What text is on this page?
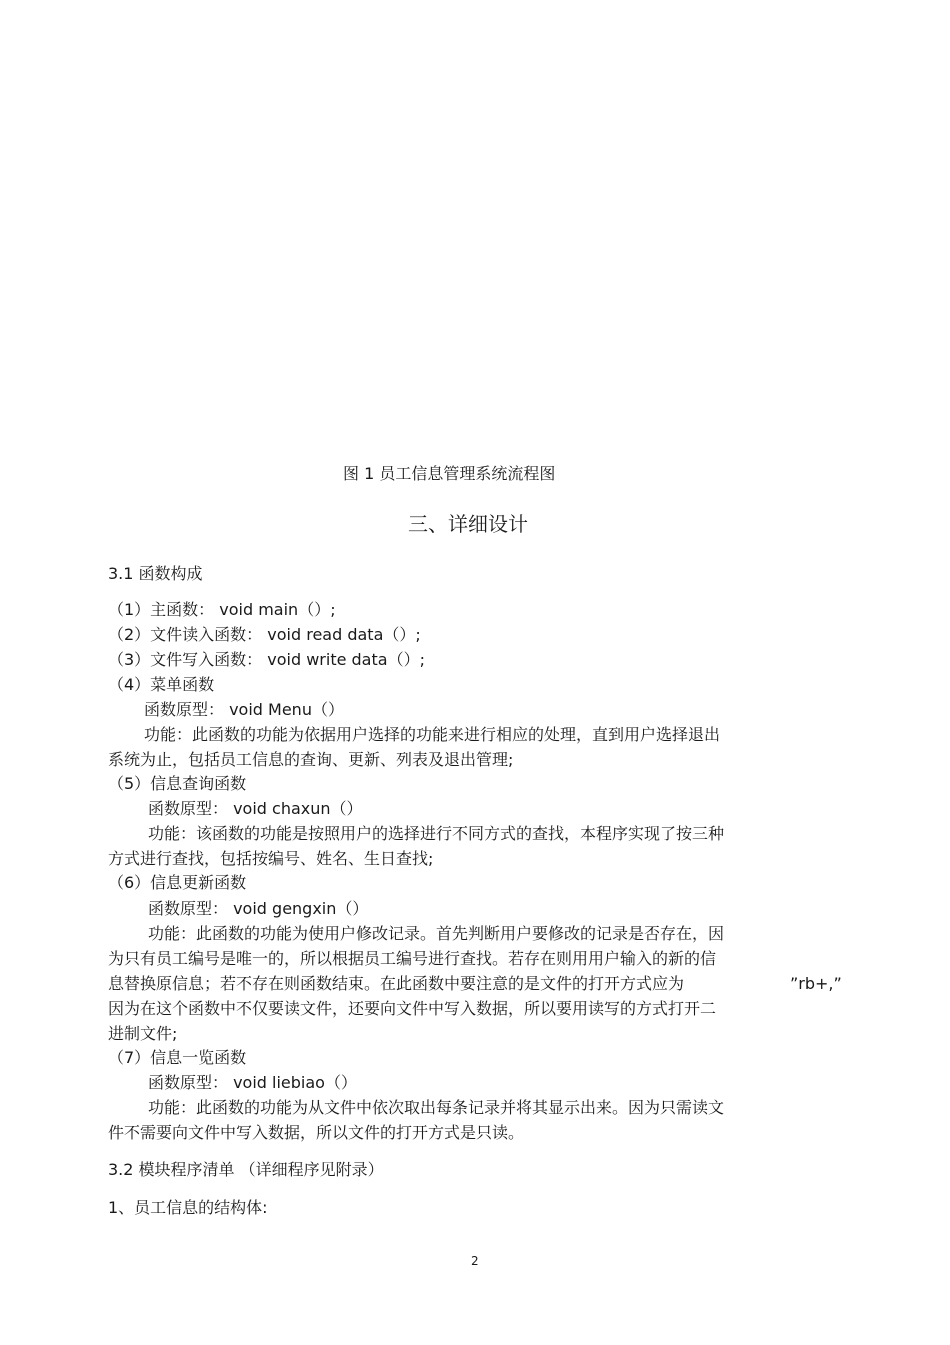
图 1 员工信息管理系统流程图
三、详细设计
3.1 函数构成
（1）主函数： void main（）;
（2）文件读入函数： void read data（）;
（3）文件写入函数： void write data（）;
（4）菜单函数
函数原型： void Menu（）
功能：此函数的功能为依据用户选择的功能来进行相应的处理，直到用户选择退出
系统为止，包括员工信息的查询、更新、列表及退出管理;
（5）信息查询函数
函数原型： void chaxun（）
功能：该函数的功能是按照用户的选择进行不同方式的查找，本程序实现了按三种
方式进行查找，包括按编号、姓名、生日查找;
（6）信息更新函数
函数原型： void gengxin（）
功能：此函数的功能为使用户修改记录。首先判断用户要修改的记录是否存在，因
为只有员工编号是唯一的，所以根据员工编号进行查找。若存在则用用户输入的新的信
息替换原信息；若不存在则函数结束。在此函数中要注意的是文件的打开方式应为	”rb+,”
因为在这个函数中不仅要读文件，还要向文件中写入数据，所以要用读写的方式打开二
进制文件;
（7）信息一览函数
函数原型： void liebiao（）
功能：此函数的功能为从文件中依次取出每条记录并将其显示出来。因为只需读文
件不需要向文件中写入数据，所以文件的打开方式是只读。
3.2 模块程序清单 （详细程序见附录）
1、员工信息的结构体:
2
